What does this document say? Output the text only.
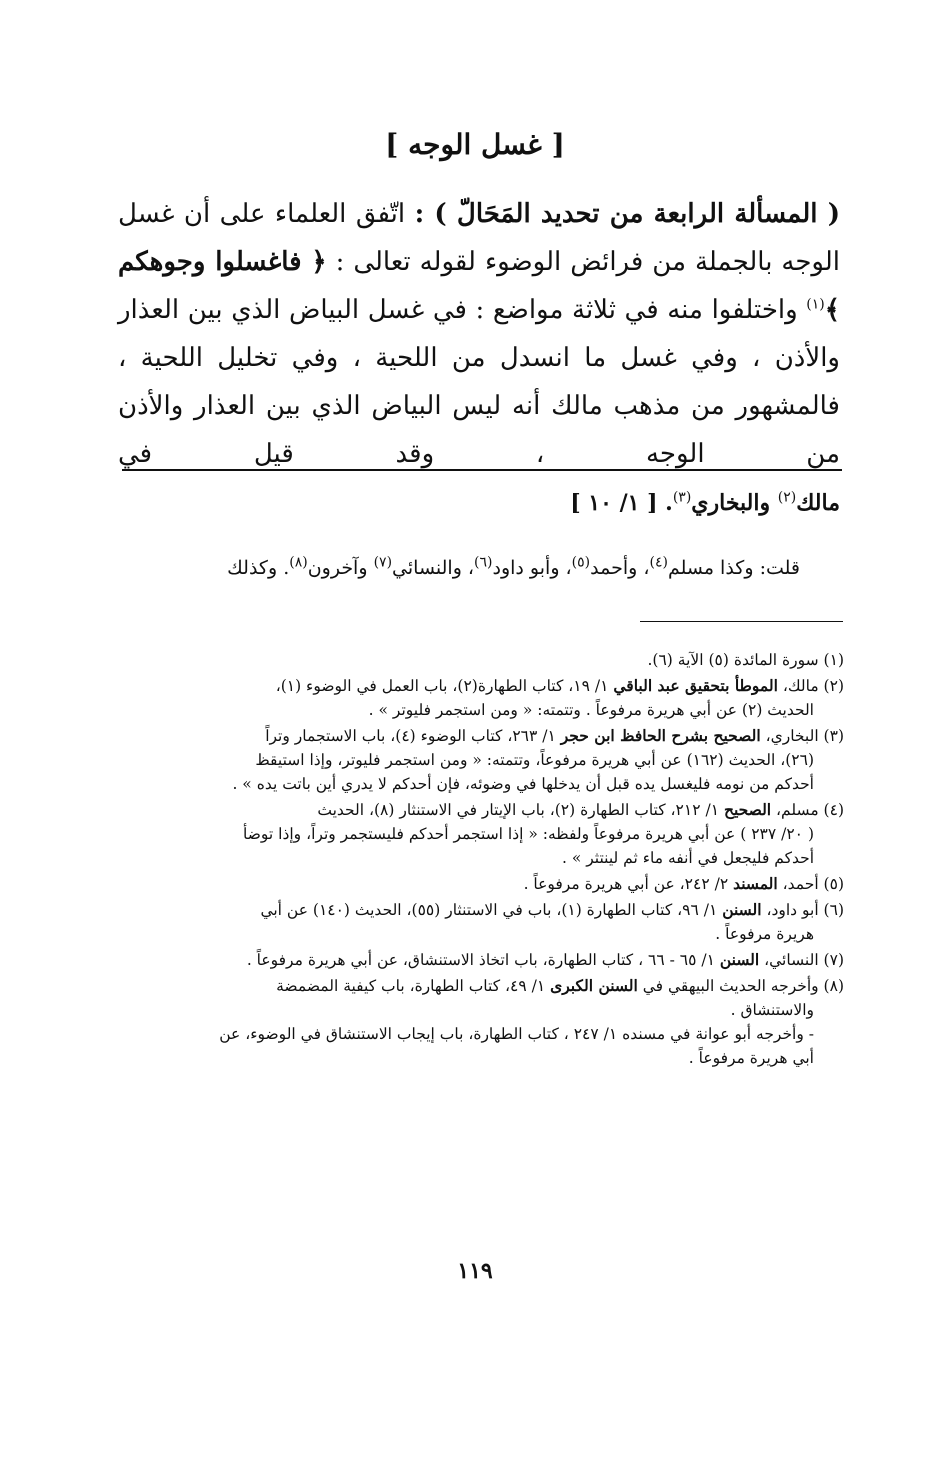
[ غسل الوجه ]
( المسألة الرابعة من تحديد المَحَالّ ) : اتّفق العلماء على أن غسل الوجه بالجملة من فرائض الوضوء لقوله تعالى : ﴿ فاغسلوا وجوهكم ﴾$^{(١)}$ واختلفوا منه في ثلاثة مواضع : في غسل البياض الذي بين العذار والأذن ، وفي غسل ما انسدل من اللحية ، وفي تخليل اللحية ، فالمشهور من مذهب مالك أنه ليس البياض الذي بين العذار والأذن من الوجه ، وقد قيل في
مالك$^{(٢)}$ والبخاري$^{(٣)}$. [ ١/ ١٠ ]
قلت: وكذا مسلم$^{(٤)}$، وأحمد$^{(٥)}$، وأبو داود$^{(٦)}$، والنسائي$^{(٧)}$ وآخرون$^{(٨)}$. وكذلك
(١) سورة المائدة (٥) الآية (٦).
(٢) مالك، الموطأ بتحقيق عبد الباقي ١/ ١٩، كتاب الطهارة(٢)، باب العمل في الوضوء (١)،
الحديث (٢) عن أبي هريرة مرفوعاً . وتتمته: « ومن استجمر فليوتر » .
(٣) البخاري، الصحيح بشرح الحافظ ابن حجر ١/ ٢٦٣، كتاب الوضوء (٤)، باب الاستجمار وتراً
(٢٦)، الحديث (١٦٢) عن أبي هريرة مرفوعاً، وتتمته: « ومن استجمر فليوتر، وإذا استيقظ
أحدكم من نومه فليغسل يده قبل أن يدخلها في وضوئه، فإن أحدكم لا يدري أين باتت يده » .
(٤) مسلم، الصحيح ١/ ٢١٢، كتاب الطهارة (٢)، باب الإيتار في الاستنثار (٨)، الحديث
( ٢٠/ ٢٣٧ ) عن أبي هريرة مرفوعاً ولفظه: « إذا استجمر أحدكم فليستجمر وتراً، وإذا توضأ
أحدكم فليجعل في أنفه ماء ثم لينتثر » .
(٥) أحمد، المسند ٢/ ٢٤٢، عن أبي هريرة مرفوعاً .
(٦) أبو داود، السنن ١/ ٩٦، كتاب الطهارة (١)، باب في الاستنثار (٥٥)، الحديث (١٤٠) عن أبي
هريرة مرفوعاً .
(٧) النسائي، السنن ١/ ٦٥ - ٦٦ ، كتاب الطهارة، باب اتخاذ الاستنشاق، عن أبي هريرة مرفوعاً .
(٨) وأخرجه الحديث البيهقي في السنن الكبرى ١/ ٤٩، كتاب الطهارة، باب كيفية المضمضة
والاستنشاق .
- وأخرجه أبو عوانة في مسنده ١/ ٢٤٧ ، كتاب الطهارة، باب إيجاب الاستنشاق في الوضوء، عن
أبي هريرة مرفوعاً .
١١٩
